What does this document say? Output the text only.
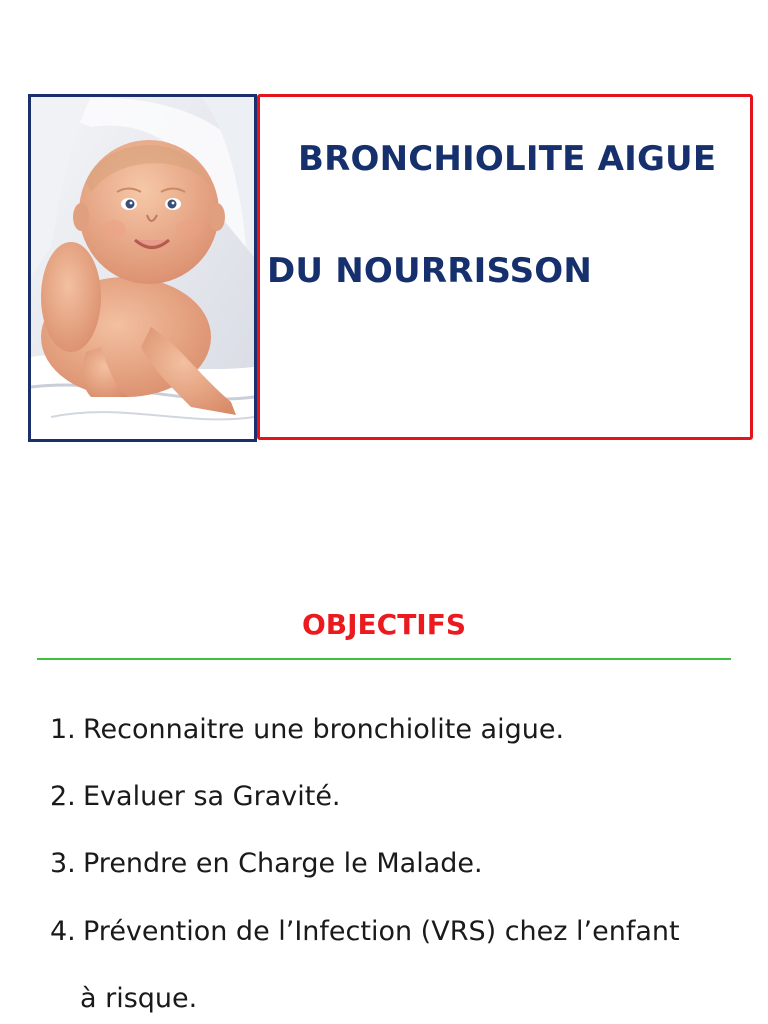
BRONCHIOLITE AIGUE
DU NOURRISSON
OBJECTIFS
1. Reconnaitre une bronchiolite aigue.
2. Evaluer sa Gravité.
3. Prendre en Charge le Malade.
4. Prévention de l’Infection (VRS) chez l’enfant
à risque.
